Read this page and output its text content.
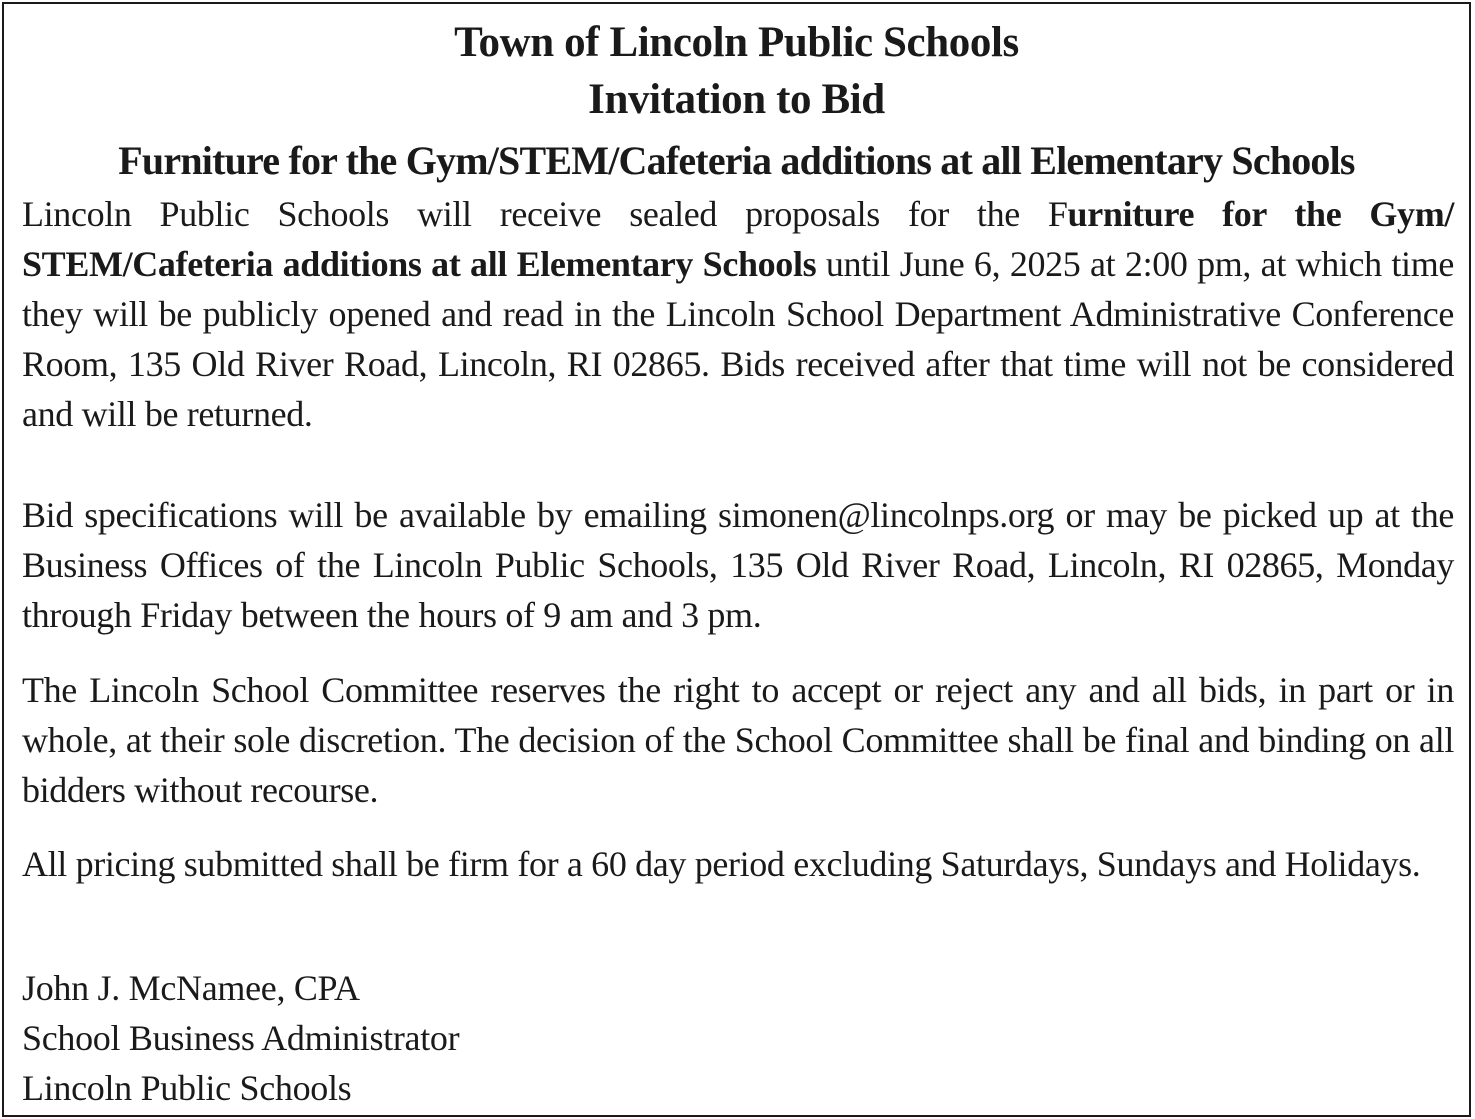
Town of Lincoln Public Schools
Invitation to Bid
Furniture for the Gym/STEM/Cafeteria additions at all Elementary Schools
Lincoln Public Schools will receive sealed proposals for the Furniture for the Gym/ STEM/Cafeteria additions at all Elementary Schools until June 6, 2025 at 2:00 pm, at which time they will be publicly opened and read in the Lincoln School Department Administrative Conference Room, 135 Old River Road, Lincoln, RI 02865. Bids received after that time will not be considered and will be returned.
Bid specifications will be available by emailing simonen@lincolnps.org or may be picked up at the Business Offices of the Lincoln Public Schools, 135 Old River Road, Lincoln, RI 02865, Monday through Friday between the hours of 9 am and 3 pm.
The Lincoln School Committee reserves the right to accept or reject any and all bids, in part or in whole, at their sole discretion. The decision of the School Committee shall be final and binding on all bidders without recourse.
All pricing submitted shall be firm for a 60 day period excluding Saturdays, Sundays and Holidays.
John J. McNamee, CPA
School Business Administrator
Lincoln Public Schools
